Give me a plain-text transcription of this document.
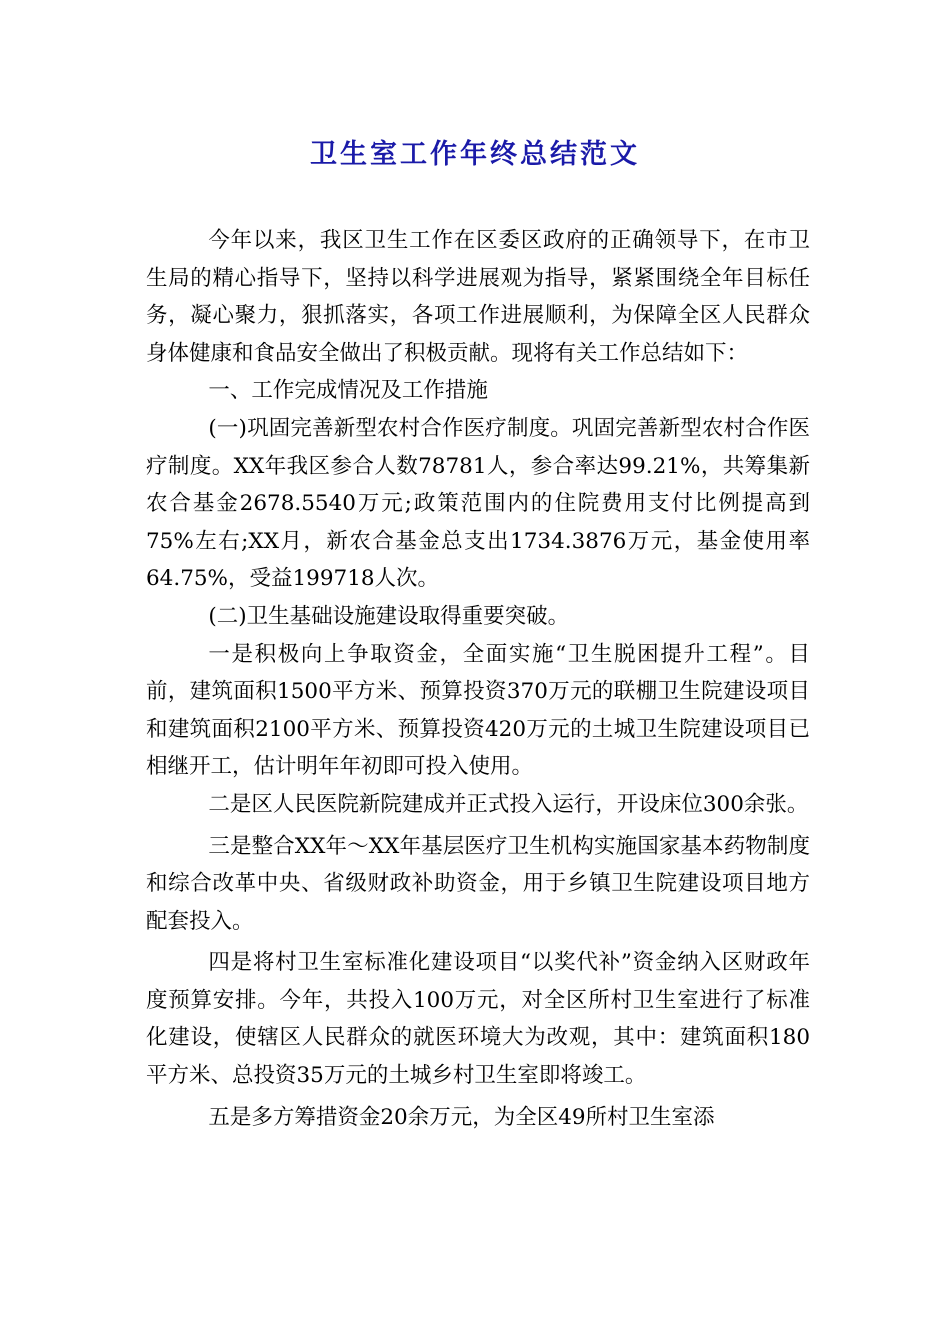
卫生室工作年终总结范文

今年以来，我区卫生工作在区委区政府的正确领导下，在市卫生局的精心指导下，坚持以科学进展观为指导，紧紧围绕全年目标任务，凝心聚力，狠抓落实，各项工作进展顺利，为保障全区人民群众身体健康和食品安全做出了积极贡献。现将有关工作总结如下：

一、工作完成情况及工作措施

(一)巩固完善新型农村合作医疗制度。巩固完善新型农村合作医疗制度。XX年我区参合人数78781人，参合率达99.21%，共筹集新农合基金2678.5540万元;政策范围内的住院费用支付比例提高到75%左右;XX月，新农合基金总支出1734.3876万元，基金使用率64.75%，受益199718人次。

(二)卫生基础设施建设取得重要突破。

一是积极向上争取资金，全面实施“卫生脱困提升工程”。目前，建筑面积1500平方米、预算投资370万元的联棚卫生院建设项目和建筑面积2100平方米、预算投资420万元的土城卫生院建设项目已相继开工，估计明年年初即可投入使用。

二是区人民医院新院建成并正式投入运行，开设床位300余张。

三是整合XX年～XX年基层医疗卫生机构实施国家基本药物制度和综合改革中央、省级财政补助资金，用于乡镇卫生院建设项目地方配套投入。

四是将村卫生室标准化建设项目“以奖代补”资金纳入区财政年度预算安排。今年，共投入100万元，对全区所村卫生室进行了标准化建设，使辖区人民群众的就医环境大为改观，其中：建筑面积180平方米、总投资35万元的土城乡村卫生室即将竣工。

五是多方筹措资金20余万元，为全区49所村卫生室添
